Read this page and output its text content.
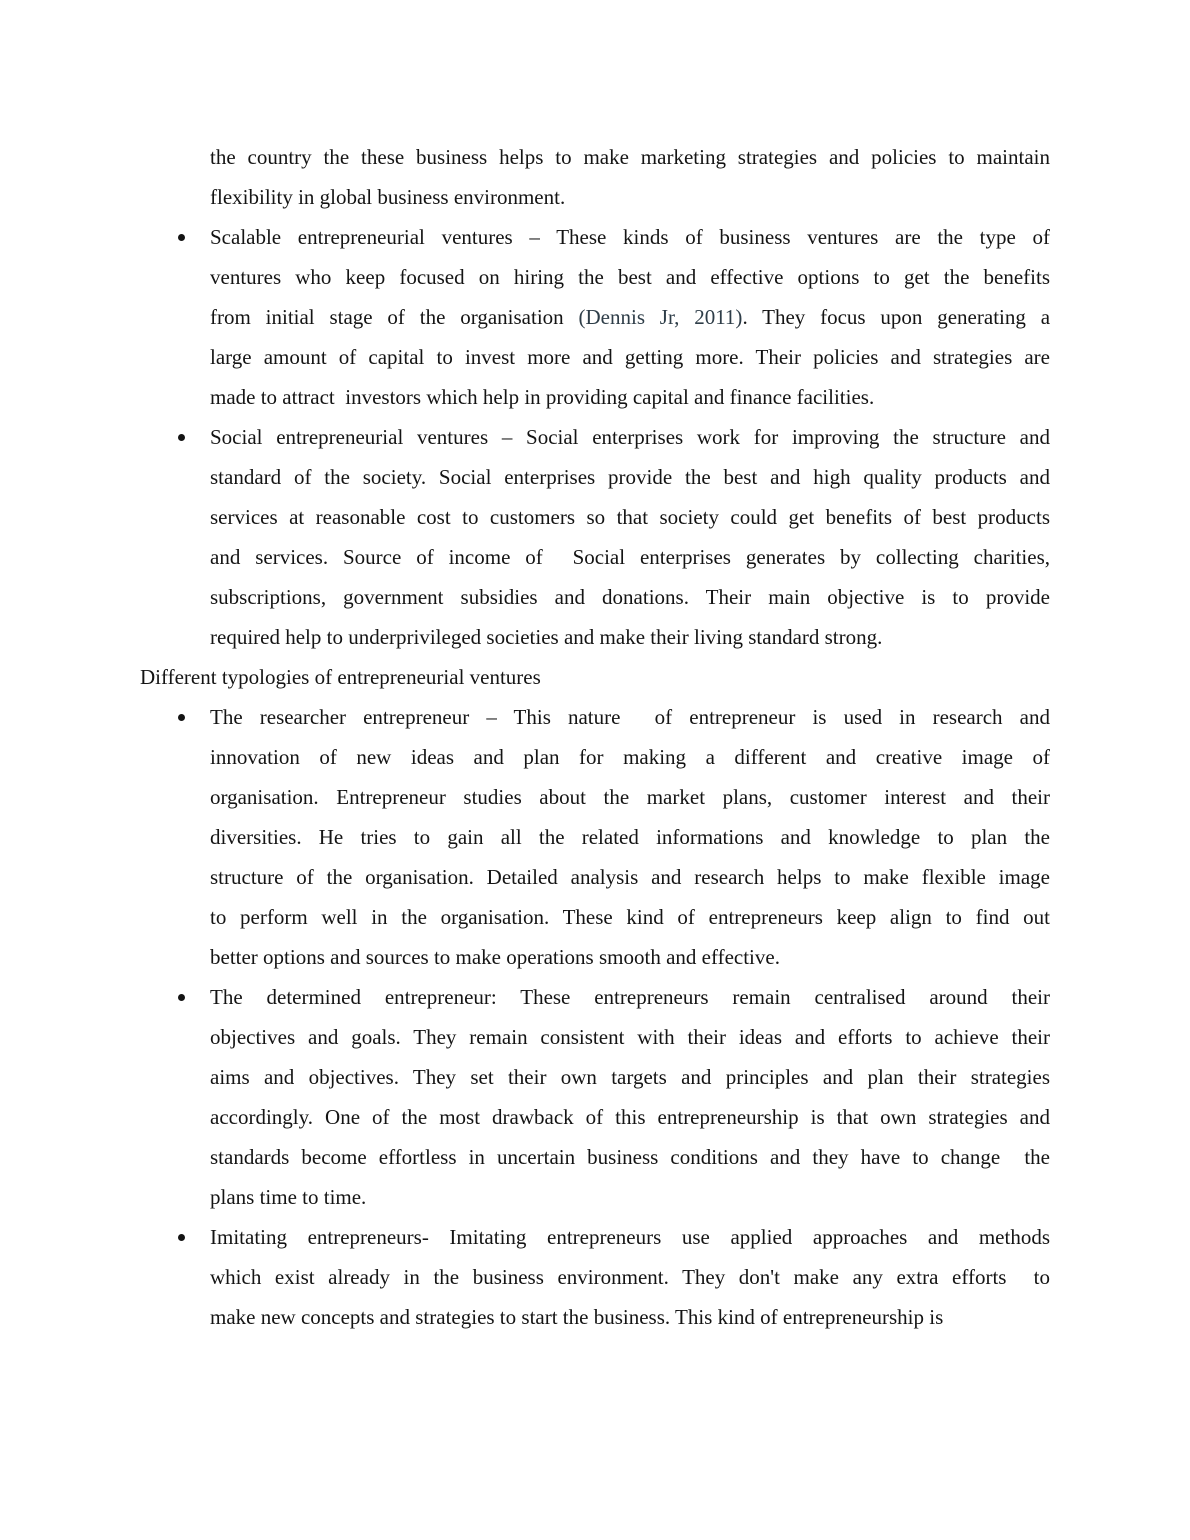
the country the these business helps to make marketing strategies and policies to maintain
flexibility in global business environment.
Scalable entrepreneurial ventures – These kinds of business ventures are the type of
ventures who keep focused on hiring the best and effective options to get the benefits
from initial stage of the organisation (Dennis Jr, 2011). They focus upon generating a
large amount of capital to invest more and getting more. Their policies and strategies are
made to attract  investors which help in providing capital and finance facilities.
Social entrepreneurial ventures – Social enterprises work for improving the structure and
standard of the society. Social enterprises provide the best and high quality products and
services at reasonable cost to customers so that society could get benefits of best products
and services. Source of income of  Social enterprises generates by collecting charities,
subscriptions, government subsidies and donations. Their main objective is to provide
required help to underprivileged societies and make their living standard strong.
Different typologies of entrepreneurial ventures
The researcher entrepreneur – This nature  of entrepreneur is used in research and
innovation of new ideas and plan for making a different and creative image of
organisation. Entrepreneur studies about the market plans, customer interest and their
diversities. He tries to gain all the related informations and knowledge to plan the
structure of the organisation. Detailed analysis and research helps to make flexible image
to perform well in the organisation. These kind of entrepreneurs keep align to find out
better options and sources to make operations smooth and effective.
The determined entrepreneur: These entrepreneurs remain centralised around their
objectives and goals. They remain consistent with their ideas and efforts to achieve their
aims and objectives. They set their own targets and principles and plan their strategies
accordingly. One of the most drawback of this entrepreneurship is that own strategies and
standards become effortless in uncertain business conditions and they have to change  the
plans time to time.
Imitating entrepreneurs- Imitating entrepreneurs use applied approaches and methods
which exist already in the business environment. They don't make any extra efforts  to
make new concepts and strategies to start the business. This kind of entrepreneurship is
